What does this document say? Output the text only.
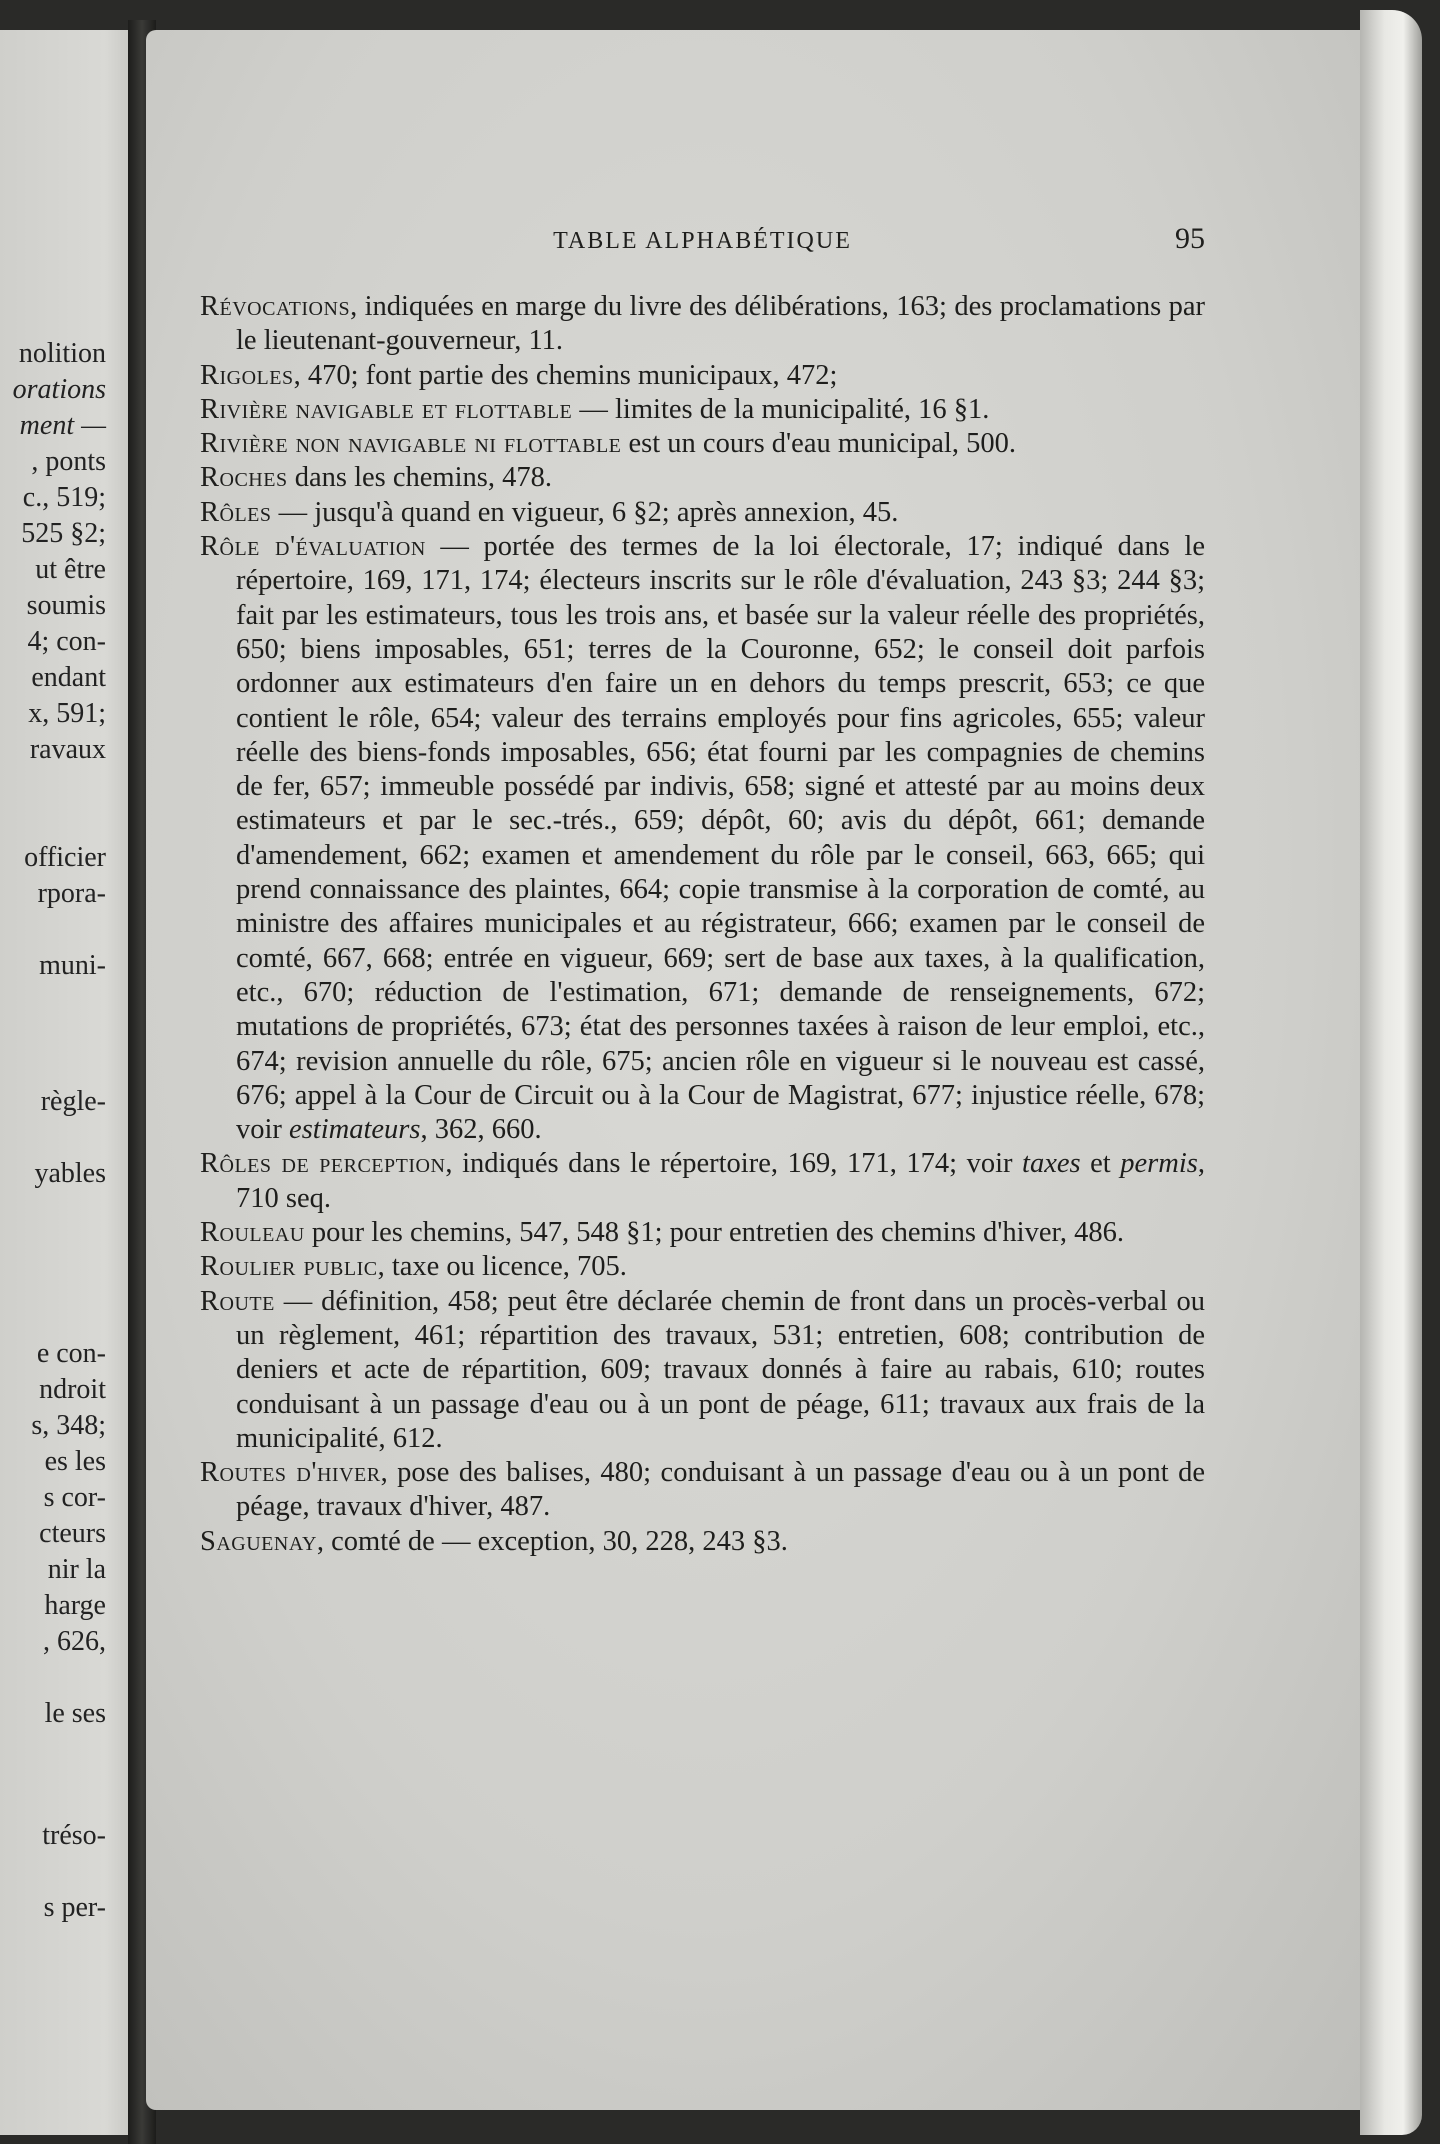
nolition
orations
ment —
, ponts
c., 519;
525 §2;
ut être
soumis
4; con-
endant
x, 591;
ravaux
officier
rpora-
muni-
règle-
yables
e con-
ndroit
s, 348;
es les
s cor-
cteurs
nir la
harge
, 626,
le ses
tréso-
s per-
TABLE ALPHABÉTIQUE	95

Révocations, indiquées en marge du livre des délibérations, 163; des proclamations par le lieutenant-gouverneur, 11.

Rigoles, 470; font partie des chemins municipaux, 472;

Rivière navigable et flottable — limites de la municipalité, 16 §1.

Rivière non navigable ni flottable est un cours d'eau municipal, 500.

Roches dans les chemins, 478.

Rôles — jusqu'à quand en vigueur, 6 §2; après annexion, 45.

Rôle d'évaluation — portée des termes de la loi électorale, 17; indiqué dans le répertoire, 169, 171, 174; électeurs inscrits sur le rôle d'évaluation, 243 §3; 244 §3; fait par les estimateurs, tous les trois ans, et basée sur la valeur réelle des propriétés, 650; biens imposables, 651; terres de la Couronne, 652; le conseil doit parfois ordonner aux estimateurs d'en faire un en dehors du temps prescrit, 653; ce que contient le rôle, 654; valeur des terrains employés pour fins agricoles, 655; valeur réelle des biens-fonds imposables, 656; état fourni par les compagnies de chemins de fer, 657; immeuble possédé par indivis, 658; signé et attesté par au moins deux estimateurs et par le sec.-trés., 659; dépôt, 60; avis du dépôt, 661; demande d'amendement, 662; examen et amendement du rôle par le conseil, 663, 665; qui prend connaissance des plaintes, 664; copie transmise à la corporation de comté, au ministre des affaires municipales et au régistrateur, 666; examen par le conseil de comté, 667, 668; entrée en vigueur, 669; sert de base aux taxes, à la qualification, etc., 670; réduction de l'estimation, 671; demande de renseignements, 672; mutations de propriétés, 673; état des personnes taxées à raison de leur emploi, etc., 674; revision annuelle du rôle, 675; ancien rôle en vigueur si le nouveau est cassé, 676; appel à la Cour de Circuit ou à la Cour de Magistrat, 677; injustice réelle, 678; voir estimateurs, 362, 660.

Rôles de perception, indiqués dans le répertoire, 169, 171, 174; voir taxes et permis, 710 seq.

Rouleau pour les chemins, 547, 548 §1; pour entretien des chemins d'hiver, 486.

Roulier public, taxe ou licence, 705.

Route — définition, 458; peut être déclarée chemin de front dans un procès-verbal ou un règlement, 461; répartition des travaux, 531; entretien, 608; contribution de deniers et acte de répartition, 609; travaux donnés à faire au rabais, 610; routes conduisant à un passage d'eau ou à un pont de péage, 611; travaux aux frais de la municipalité, 612.

Routes d'hiver, pose des balises, 480; conduisant à un passage d'eau ou à un pont de péage, travaux d'hiver, 487.

Saguenay, comté de — exception, 30, 228, 243 §3.
